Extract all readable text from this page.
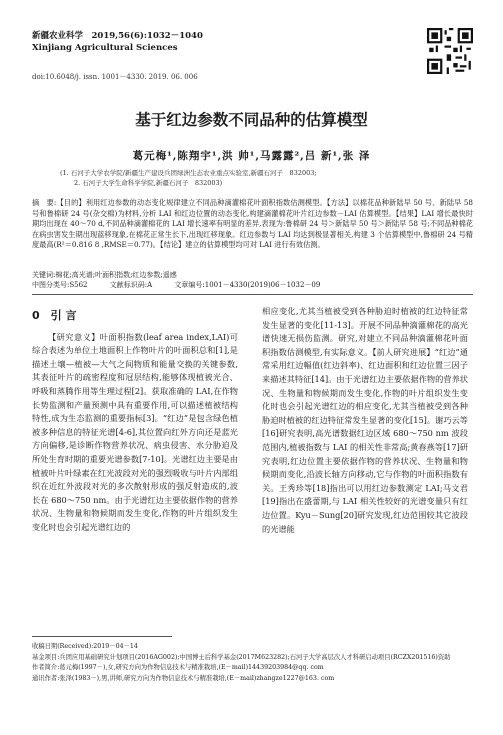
新疆农业科学　2019,56(6):1032－1040
Xinjiang Agricultural Sciences
doi:10.6048/j. issn. 1001－4330. 2019. 06. 006
基于红边参数不同品种的估算模型
葛元梅¹,陈翔宇¹,洪 帅¹,马露露²,吕 新¹,张 泽
(1. 石河子大学农学院/新疆生产建设兵团绿洲生态农业重点实验室,新疆石河子　832003;
2. 石河子大学生命科学学院,新疆石河子　832003)
摘　要:【目的】利用红边参数的动态变化规律建立不同品种滴灌棉花叶面积指数估测模型。【方法】以棉花品种新陆早 50 号、新陆早 58 号和鲁棉研 24 号(杂交棉)为材料,分析 LAI 和红边位置的动态变化,构建滴灌棉花叶片红边参数－LAI 估算模型。【结果】LAI 增长最快时期均出现在 40～70 d,不同品种滴灌棉花的 LAI 增长速率有明显的差异,表现为:鲁棉研 24 号＞新陆早 50 号＞新陆早 58 号;不同品种棉花在病虫害发生期出现蓝移现象,在棉花正常生长下,出现红移现象。红边参数与 LAI 均达到极显著相关,构建 3 个估算模型中,鲁棉研 24 号精度最高(R²＝0.816 8 ,RMSE＝0.77)。【结论】建立的估算模型均可对 LAI 进行有效估测。
关键词:棉花;高光谱;叶面积指数;红边参数;遥感
中图分类号:S562	文献标识码:A	文章编号:1001－4330(2019)06－1032－09
0　引 言
【研究意义】叶面积指数(leaf area index,LAI)可综合表述为单位土地面积上作物叶片的叶面积总和[1],是描述土壤—植被—大气之间物质和能量交换的关键参数,其表征叶片的疏密程度和冠层结构,能够体现植被光合、呼吸和蒸腾作用等生理过程[2]。获取准确的 LAI,在作物长势监测和产量预测中具有重要作用,可以描述植被结构特性,成为生态监测的重要指标[3]。“红边”是包含绿色植被多种信息的特征光谱[4-6],其位置向红外方向还是蓝光方向偏移,是诊断作物营养状况、病虫侵害、水分胁迫及所处生育时期的重要光谱参数[7-10]。光谱红边主要是由植被叶片叶绿素在红光波段对光的强烈吸收与叶片内部组织在近红外波段对光的多次散射形成的强反射造成的,波长在 680～750 nm。由于光谱红边主要依据作物的营养状况、生物量和物候期而发生变化,作物的叶片组织发生变化时也会引起光谱红边的
相应变化,尤其当植被受到各种胁迫时植被的红边特征常发生显著的变化[11-13]。开展不同品种滴灌棉花的高光谱快速无损伤监测。研究,对建立不同品种滴灌棉花叶面积指数估测模型,有实际意义。【前人研究进展】“红边”通常采用红边幅值(红边斜率)、红边面积和红边位置三因子来描述其特征[14]。由于光谱红边主要依据作物的营养状况、生物量和物候期而发生变化,作物的叶片组织发生变化时也会引起光谱红边的相应变化,尤其当植被受到各种胁迫时植被的红边特征常发生显著的变化[15]。谢巧云等[16]研究表明,高光谱数据红边区域 680～750 nm 波段范围内,植被指数与 LAI 的相关性非常高;黄春燕等[17]研究表明,红边位置主要依据作物的营养状况、生物量和物候期而变化,沿波长轴方向移动,它与作物的叶面积指数有关。王秀珍等[18]指出可以用红边参数测定 LAI;马文君[19]指出在盛蕾期,与 LAI 相关性较好的光谱变量只有红边位置。Kyu－Sung[20]研究发现,红边范围较其它波段的光谱能
收稿日期(Received):2019－04－14
基金项目:兵团应用基础研究计划项目(2016AG002);中国博士后科学基金(2017M623282);石河子大学高层次人才科研启动项目(RCZX201516)资助
作者简介:葛元梅(1997－),女,研究方向为作物信息技术与精准栽培,(E－mail)14439203984@qq. com
通讯作者:张泽(1983－),男,讲师,研究方向为作物信息技术与精准栽培,(E－mail)zhangze1227@163. com
